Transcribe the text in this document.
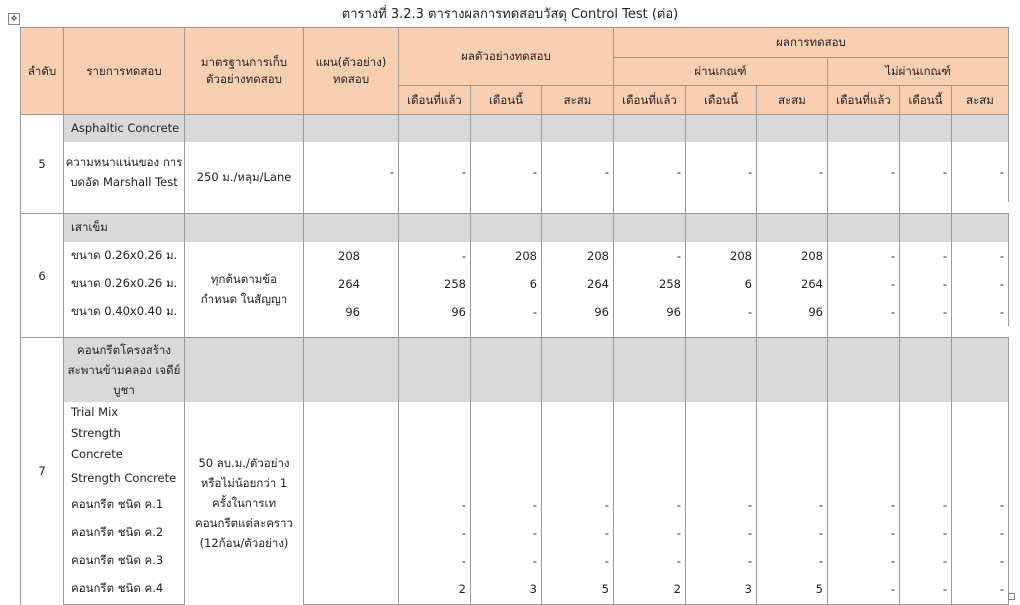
✥	ตารางที่ 3.2.3 ตารางผลการทดสอบวัสดุ Control Test (ต่อ)
ลำดับ	รายการทดสอบ	มาตรฐานการเก็บ ตัวอย่างทดสอบ	แผน(ตัวอย่าง) ทดสอบ	ผลตัวอย่างทดสอบ			ผลการทดสอบ					
							ผ่านเกณฑ์			ไม่ผ่านเกณฑ์		
				เดือนที่แล้ว	เดือนนี้	สะสม	เดือนที่แล้ว	เดือนนี้	สะสม	เดือนที่แล้ว	เดือนนี้	สะสม
5	Asphaltic Concrete											
	ความหนาแน่นของ การบดอัด Marshall Test	250 ม./หลุม/Lane	-	-	-	-	-	-	-	-	-	-

6	เสาเข็ม											
	ขนาด 0.26x0.26 ม.	ทุกต้นตามข้อกำหนด ในสัญญา	208	-	208	208	-	208	208	-	-	-
	ขนาด 0.26x0.26 ม.		264	258	6	264	258	6	264	-	-	-
	ขนาด 0.40x0.40 ม.		96	96	-	96	96	-	96	-	-	-

7	คอนกรีตโครงสร้าง สะพานข้ามคลอง เจดีย์บูชา											
	Trial Mix Strength Concrete	50 ลบ.ม./ตัวอย่าง หรือไม่น้อยกว่า 1 ครั้งในการเท คอนกรีตแต่ละคราว (12ก้อน/ตัวอย่าง)										
	Strength Concrete											
	คอนกรีต ชนิด ค.1			-	-	-	-	-	-	-	-	-
	คอนกรีต ชนิด ค.2			-	-	-	-	-	-	-	-	-
	คอนกรีต ชนิด ค.3			-	-	-	-	-	-	-	-	-
	คอนกรีต ชนิด ค.4			2	3	5	2	3	5	-	-	-
